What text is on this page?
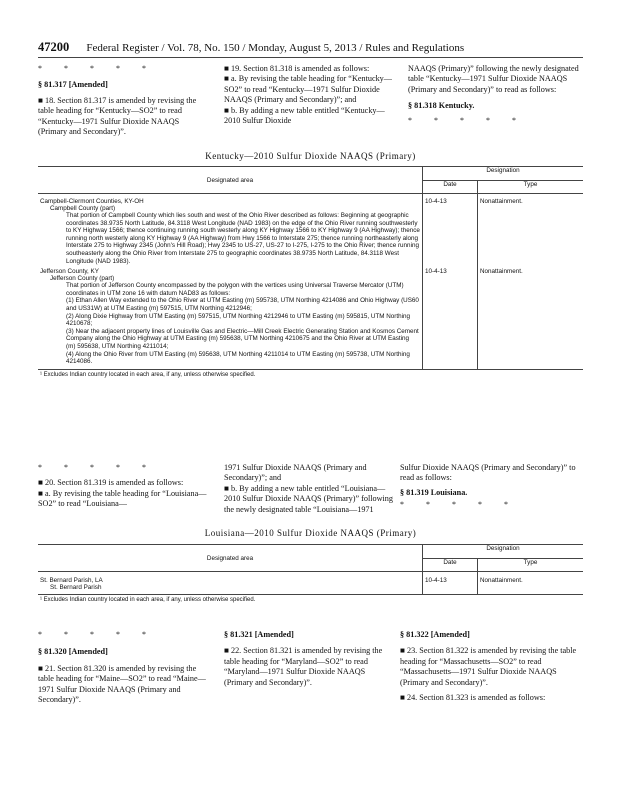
47200 Federal Register / Vol. 78, No. 150 / Monday, August 5, 2013 / Rules and Regulations
* * * * *
§ 81.317 [Amended]
■ 18. Section 81.317 is amended by revising the table heading for “Kentucky—SO2” to read “Kentucky—1971 Sulfur Dioxide NAAQS (Primary and Secondary)”.
■ 19. Section 81.318 is amended as follows:
■ a. By revising the table heading for “Kentucky—SO2” to read “Kentucky—1971 Sulfur Dioxide NAAQS (Primary and Secondary)”; and
■ b. By adding a new table entitled “Kentucky—2010 Sulfur Dioxide
NAAQS (Primary)” following the newly designated table “Kentucky—1971 Sulfur Dioxide NAAQS (Primary and Secondary)” to read as follows:
§ 81.318 Kentucky.
* * * * *
Kentucky—2010 Sulfur Dioxide NAAQS (Primary)
Designated area	Designation	
	Date	Type
Campbell-Clermont Counties, KY-OH	10-4-13	Nonattainment.
Campbell County (part)		
That portion of Campbell County which lies south and west of the Ohio River described as follows: Beginning at geographic coordinates 38.9735 North Latitude, 84.3118 West Longitude (NAD 1983) on the edge of the Ohio River running southwesterly to KY Highway 1566; thence continuing running south westerly along KY Highway 1566 to KY Highway 9 (AA Highway); thence running north westerly along KY Highway 9 (AA Highway) from Hwy 1566 to Interstate 275; thence running northeasterly along Interstate 275 to Highway 2345 (John's Hill Road); Hwy 2345 to US-27, US-27 to I-275, I-275 to the Ohio River; thence running southeasterly along the Ohio River from Interstate 275 to geographic coordinates 38.9735 North Latitude, 84.3118 West Longitude (NAD 1983).		
Jefferson County, KY	10-4-13	Nonattainment.
Jefferson County (part)		
That portion of Jefferson County encompassed by the polygon with the vertices using Universal Traverse Mercator (UTM) coordinates in UTM zone 16 with datum NAD83 as follows:		
(1) Ethan Allen Way extended to the Ohio River at UTM Easting (m) 595738, UTM Northing 4214086 and Ohio Highway (US60 and US31W) at UTM Easting (m) 597515, UTM Northing 4212946;		
(2) Along Dixie Highway from UTM Easting (m) 597515, UTM Northing 4212946 to UTM Easting (m) 595815, UTM Northing 4210678;		
(3) Near the adjacent property lines of Louisville Gas and Electric—Mill Creek Electric Generating Station and Kosmos Cement Company along the Ohio Highway at UTM Easting (m) 595638, UTM Northing 4210675 and the Ohio River at UTM Easting (m) 595638, UTM Northing 4211014;		
(4) Along the Ohio River from UTM Easting (m) 595638, UTM Northing 4211014 to UTM Easting (m) 595738, UTM Northing 4214086.		
¹ Excludes Indian country located in each area, if any, unless otherwise specified.		
* * * * *
■ 20. Section 81.319 is amended as follows:
■ a. By revising the table heading for “Louisiana—SO2” to read “Louisiana—
1971 Sulfur Dioxide NAAQS (Primary and Secondary)”; and
■ b. By adding a new table entitled “Louisiana—2010 Sulfur Dioxide NAAQS (Primary)” following the newly designated table “Louisiana—1971
Sulfur Dioxide NAAQS (Primary and Secondary)” to read as follows:
§ 81.319 Louisiana.
* * * * *
Louisiana—2010 Sulfur Dioxide NAAQS (Primary)
Designated area	Designation	
	Date	Type
St. Bernard Parish, LA	10-4-13	Nonattainment.
St. Bernard Parish		
¹ Excludes Indian country located in each area, if any, unless otherwise specified.		
* * * * *
§ 81.320 [Amended]
■ 21. Section 81.320 is amended by revising the table heading for “Maine—SO2” to read “Maine—1971 Sulfur Dioxide NAAQS (Primary and Secondary)”.
§ 81.321 [Amended]
■ 22. Section 81.321 is amended by revising the table heading for “Maryland—SO2” to read “Maryland—1971 Sulfur Dioxide NAAQS (Primary and Secondary)”.
§ 81.322 [Amended]
■ 23. Section 81.322 is amended by revising the table heading for “Massachusetts—SO2” to read “Massachusetts—1971 Sulfur Dioxide NAAQS (Primary and Secondary)”.
■ 24. Section 81.323 is amended as follows:
